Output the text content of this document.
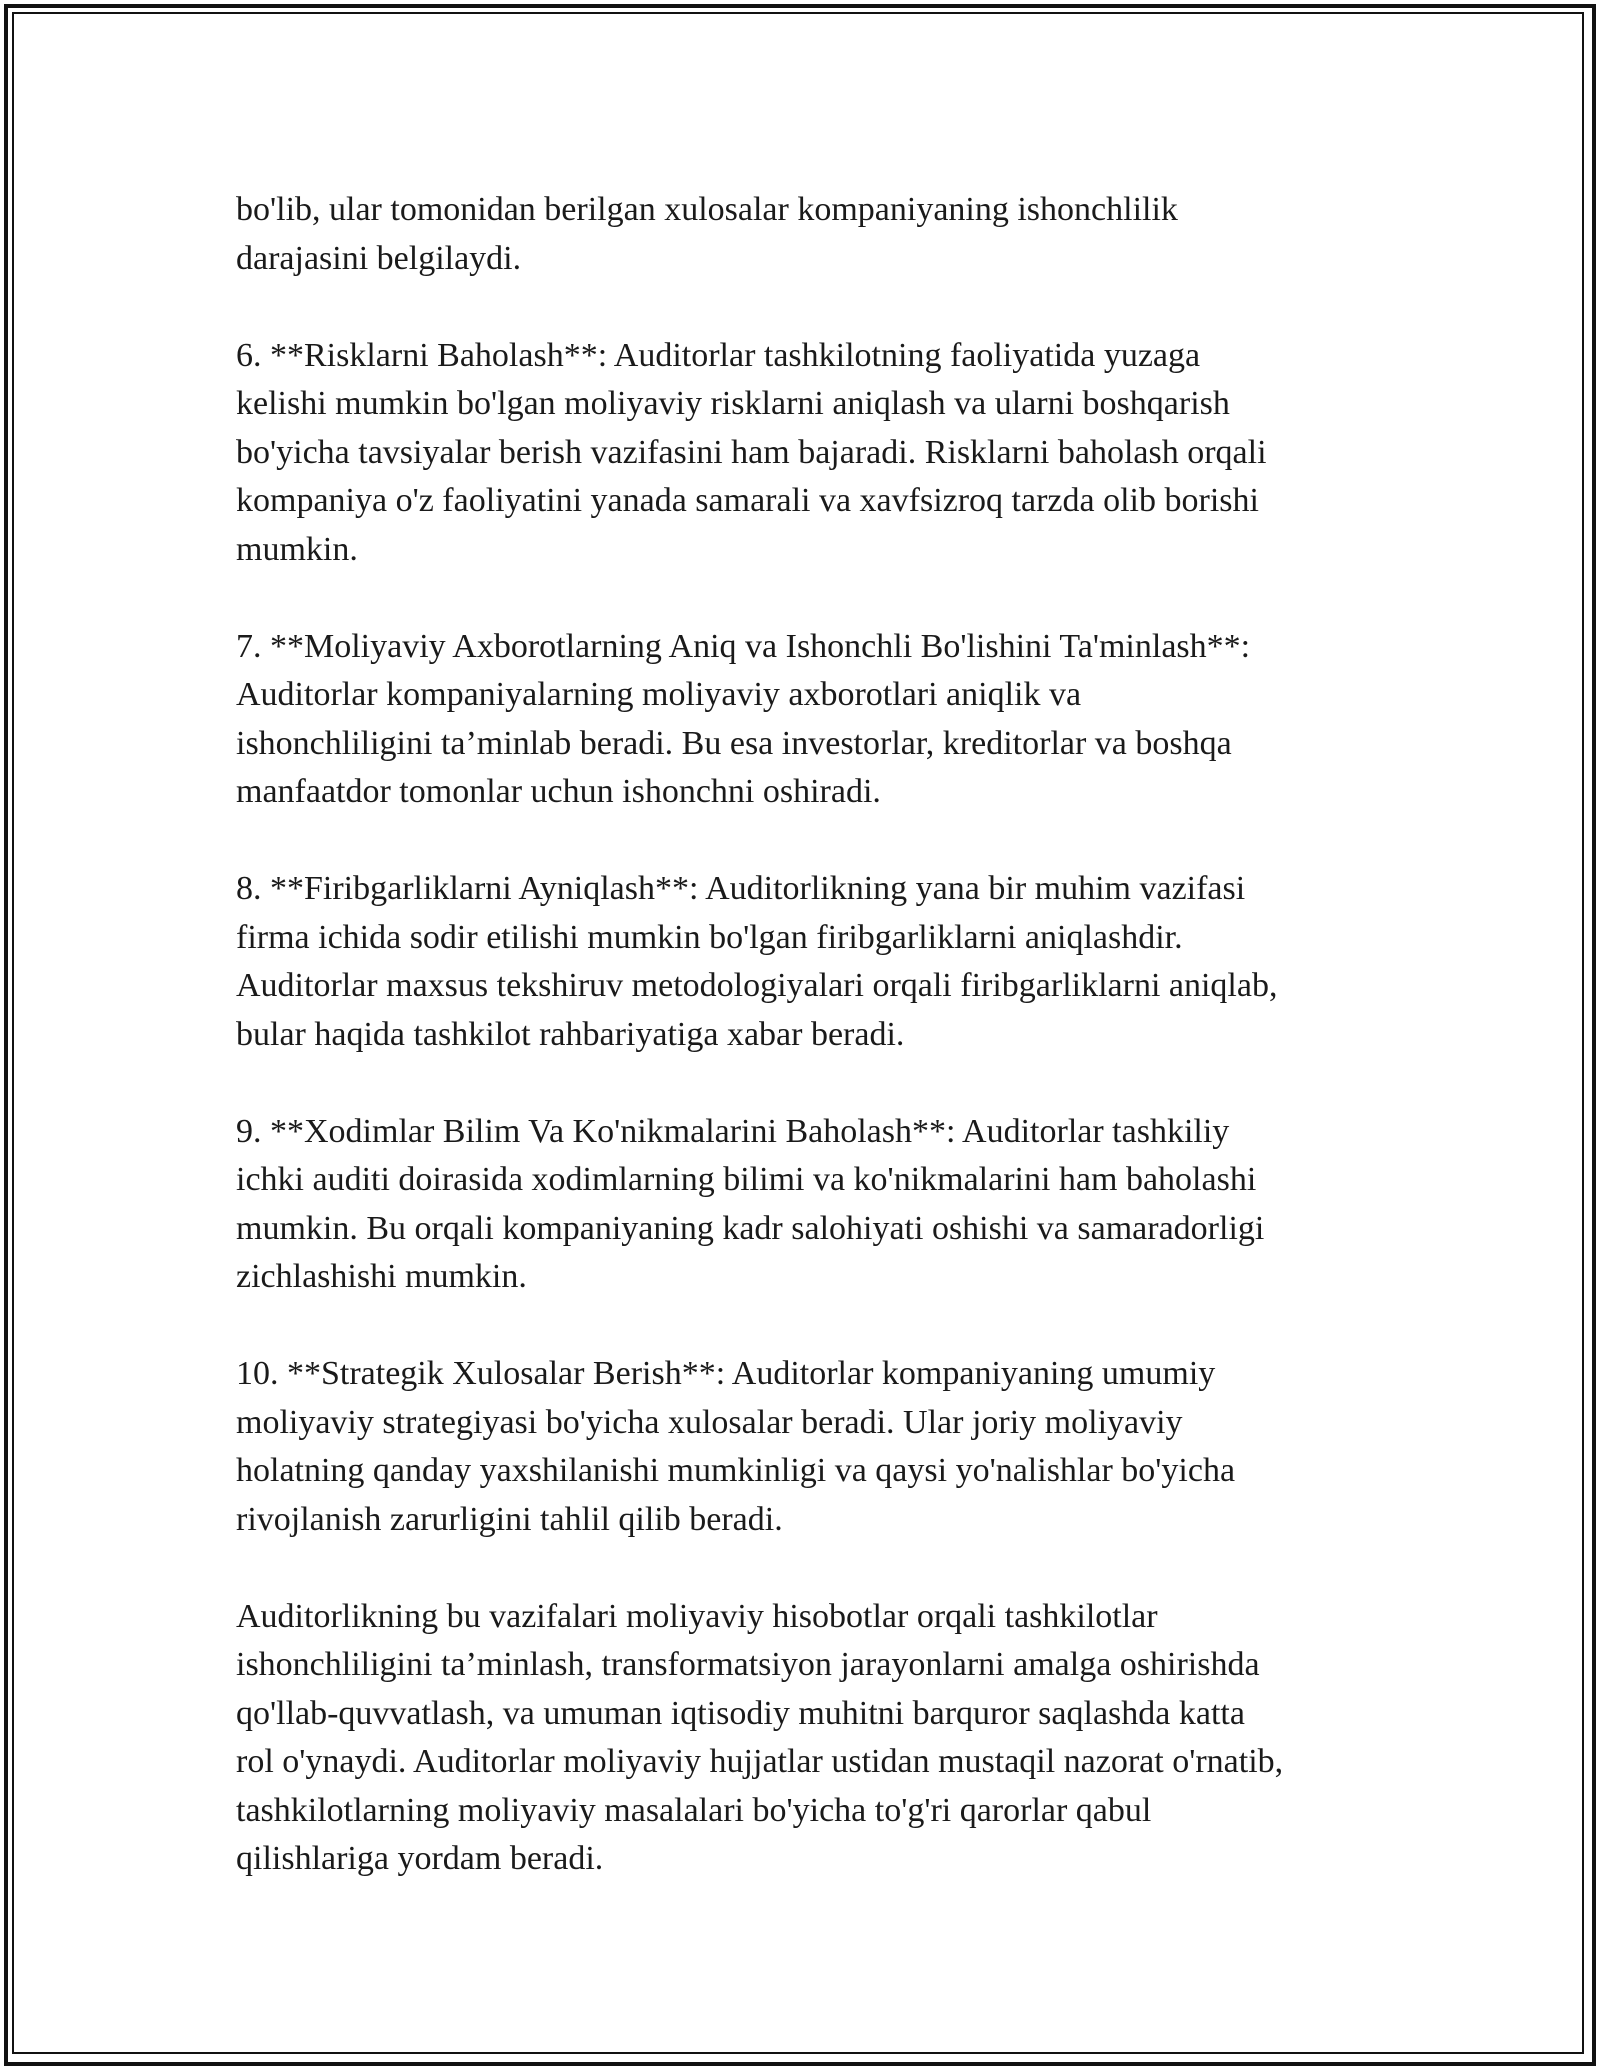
bo'lib, ular tomonidan berilgan xulosalar kompaniyaning ishonchlilik
darajasini belgilaydi.

6. **Risklarni Baholash**: Auditorlar tashkilotning faoliyatida yuzaga
kelishi mumkin bo'lgan moliyaviy risklarni aniqlash va ularni boshqarish
bo'yicha tavsiyalar berish vazifasini ham bajaradi. Risklarni baholash orqali
kompaniya o'z faoliyatini yanada samarali va xavfsizroq tarzda olib borishi
mumkin.

7. **Moliyaviy Axborotlarning Aniq va Ishonchli Bo'lishini Ta'minlash**:
Auditorlar kompaniyalarning moliyaviy axborotlari aniqlik va
ishonchliligini ta’minlab beradi. Bu esa investorlar, kreditorlar va boshqa
manfaatdor tomonlar uchun ishonchni oshiradi.

8. **Firibgarliklarni Ayniqlash**: Auditorlikning yana bir muhim vazifasi
firma ichida sodir etilishi mumkin bo'lgan firibgarliklarni aniqlashdir.
Auditorlar maxsus tekshiruv metodologiyalari orqali firibgarliklarni aniqlab,
bular haqida tashkilot rahbariyatiga xabar beradi.

9. **Xodimlar Bilim Va Ko'nikmalarini Baholash**: Auditorlar tashkiliy
ichki auditi doirasida xodimlarning bilimi va ko'nikmalarini ham baholashi
mumkin. Bu orqali kompaniyaning kadr salohiyati oshishi va samaradorligi
zichlashishi mumkin.

10. **Strategik Xulosalar Berish**: Auditorlar kompaniyaning umumiy
moliyaviy strategiyasi bo'yicha xulosalar beradi. Ular joriy moliyaviy
holatning qanday yaxshilanishi mumkinligi va qaysi yo'nalishlar bo'yicha
rivojlanish zarurligini tahlil qilib beradi.

Auditorlikning bu vazifalari moliyaviy hisobotlar orqali tashkilotlar
ishonchliligini ta’minlash, transformatsiyon jarayonlarni amalga oshirishda
qo'llab-quvvatlash, va umuman iqtisodiy muhitni barquror saqlashda katta
rol o'ynaydi. Auditorlar moliyaviy hujjatlar ustidan mustaqil nazorat o'rnatib,
tashkilotlarning moliyaviy masalalari bo'yicha to'g'ri qarorlar qabul
qilishlariga yordam beradi.
